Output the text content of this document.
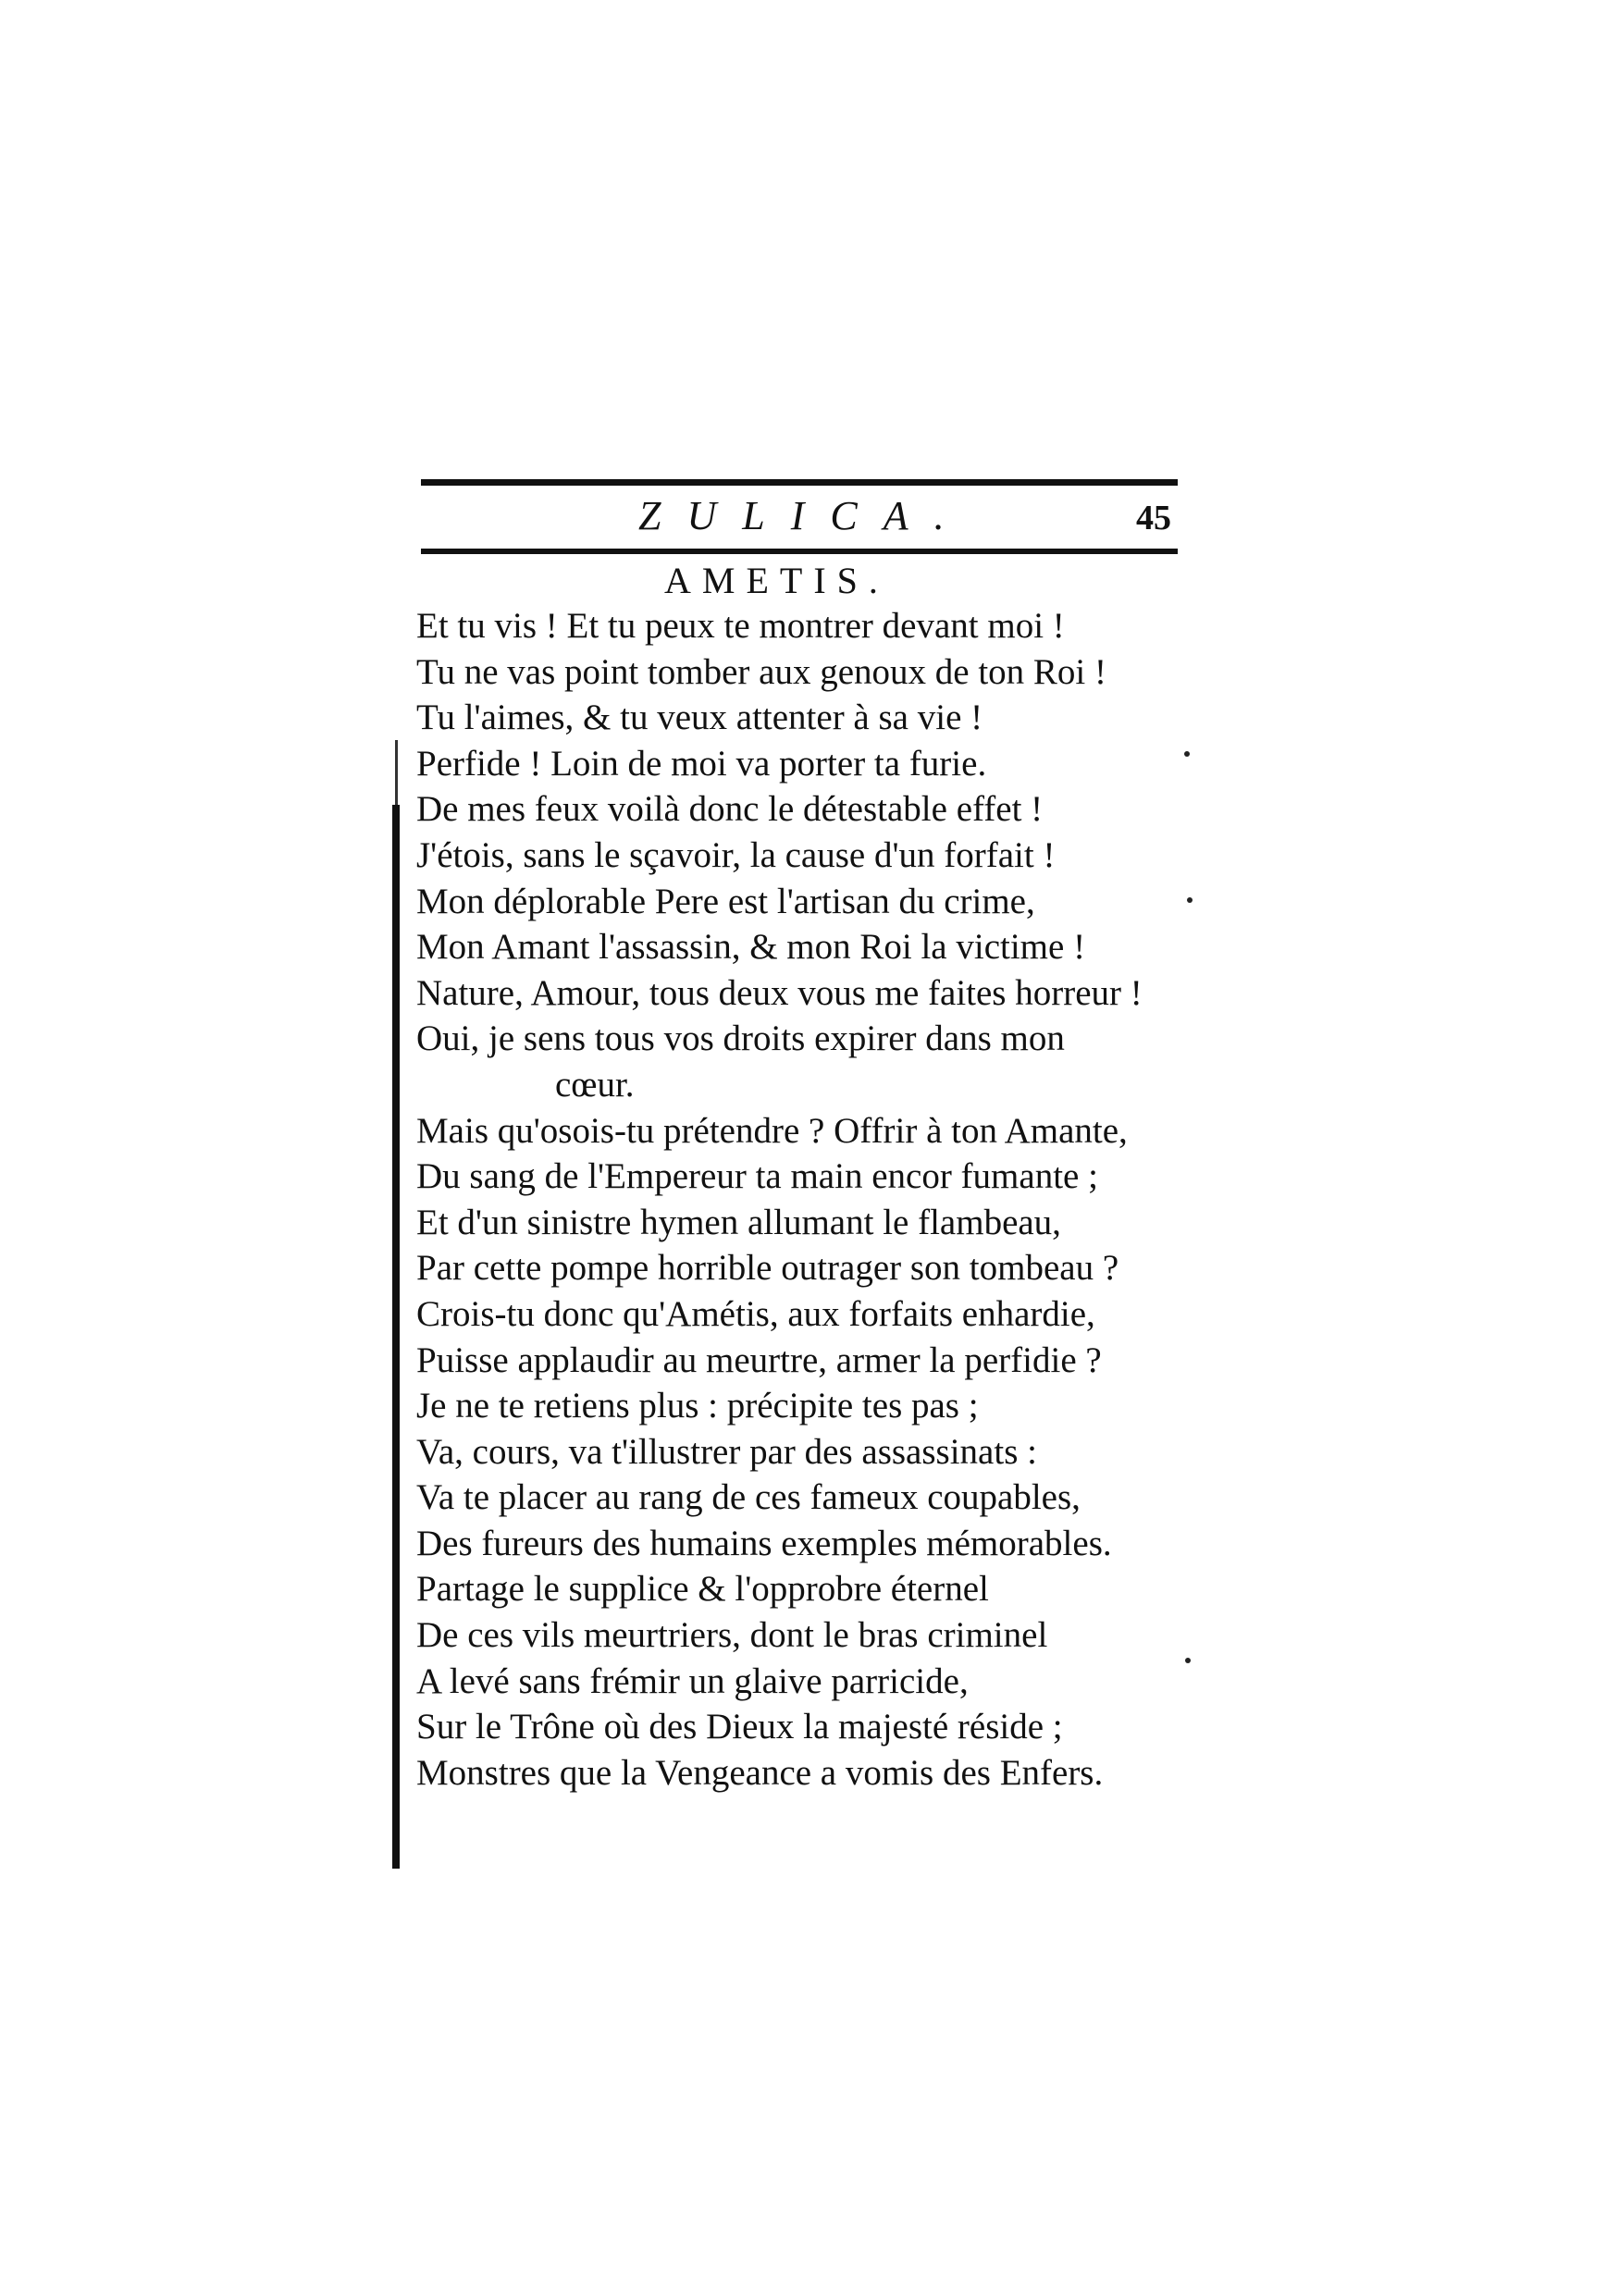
ZULICA.	45
AMETIS.
Et tu vis ! Et tu peux te montrer devant moi !
Tu ne vas point tomber aux genoux de ton Roi !
Tu l'aimes, & tu veux attenter à sa vie !
Perfide ! Loin de moi va porter ta furie.
De mes feux voilà donc le détestable effet !
J'étois, sans le sçavoir, la cause d'un forfait !
Mon déplorable Pere est l'artisan du crime,
Mon Amant l'assassin, & mon Roi la victime !
Nature, Amour, tous deux vous me faites horreur !
Oui, je sens tous vos droits expirer dans mon
cœur.
Mais qu'osois-tu prétendre ? Offrir à ton Amante,
Du sang de l'Empereur ta main encor fumante ;
Et d'un sinistre hymen allumant le flambeau,
Par cette pompe horrible outrager son tombeau ?
Crois-tu donc qu'Amétis, aux forfaits enhardie,
Puisse applaudir au meurtre, armer la perfidie ?
Je ne te retiens plus : précipite tes pas ;
Va, cours, va t'illustrer par des assassinats :
Va te placer au rang de ces fameux coupables,
Des fureurs des humains exemples mémorables.
Partage le supplice & l'opprobre éternel
De ces vils meurtriers, dont le bras criminel
A levé sans frémir un glaive parricide,
Sur le Trône où des Dieux la majesté réside ;
Monstres que la Vengeance a vomis des Enfers.
